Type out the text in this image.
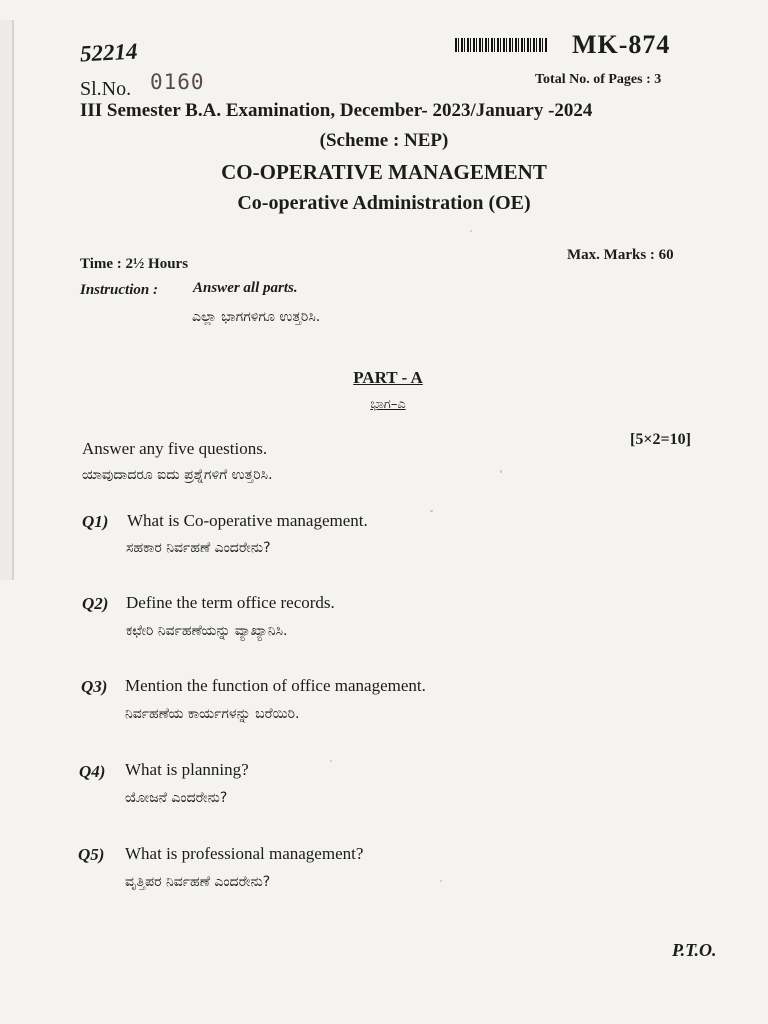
52214	MK-874
Sl.No. 0160	Total No. of Pages : 3
III Semester B.A. Examination, December- 2023/January -2024
(Scheme : NEP)
CO-OPERATIVE MANAGEMENT
Co-operative Administration (OE)
Time : 2½ Hours
Max. Marks : 60
Instruction : Answer all parts.
ಎಲ್ಲಾ ಭಾಗಗಳಿಗೂ ಉತ್ತರಿಸಿ.
PART - A
ಭಾಗ–ಎ
Answer any five questions.
ಯಾವುದಾದರೂ ಐದು ಪ್ರಶ್ನೆಗಳಿಗೆ ಉತ್ತರಿಸಿ.
[5×2=10]
Q1) What is Co-operative management.
ಸಹಕಾರ ನಿರ್ವಹಣೆ ಎಂದರೇನು?
Q2) Define the term office records.
ಕಛೇರಿ ನಿರ್ವಹಣೆಯನ್ನು ವ್ಯಾಖ್ಯಾನಿಸಿ.
Q3) Mention the function of office management.
ನಿರ್ವಹಣೆಯ ಕಾರ್ಯಗಳನ್ನು ಬರೆಯಿರಿ.
Q4) What is planning?
ಯೋಜನೆ ಎಂದರೇನು?
Q5) What is professional management?
ವೃತ್ತಿಪರ ನಿರ್ವಹಣೆ ಎಂದರೇನು?
P.T.O.
